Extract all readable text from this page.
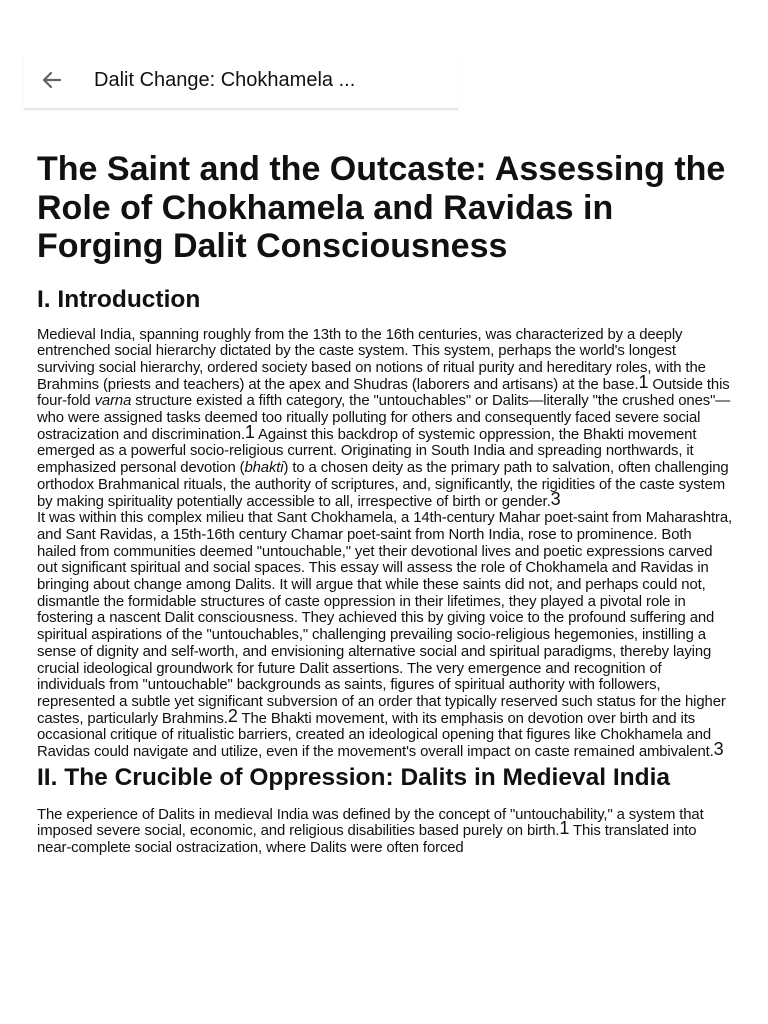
Dalit Change: Chokhamela ...
The Saint and the Outcaste: Assessing the Role of Chokhamela and Ravidas in Forging Dalit Consciousness
I. Introduction

Medieval India, spanning roughly from the 13th to the 16th centuries, was characterized by a deeply entrenched social hierarchy dictated by the caste system. This system, perhaps the world's longest surviving social hierarchy, ordered society based on notions of ritual purity and hereditary roles, with the Brahmins (priests and teachers) at the apex and Shudras (laborers and artisans) at the base.$^1$ Outside this four-fold varna structure existed a fifth category, the "untouchables" or Dalits—literally "the crushed ones"—who were assigned tasks deemed too ritually polluting for others and consequently faced severe social ostracization and discrimination.$^1$ Against this backdrop of systemic oppression, the Bhakti movement emerged as a powerful socio-religious current. Originating in South India and spreading northwards, it emphasized personal devotion (bhakti) to a chosen deity as the primary path to salvation, often challenging orthodox Brahmanical rituals, the authority of scriptures, and, significantly, the rigidities of the caste system by making spirituality potentially accessible to all, irrespective of birth or gender.$^3$

It was within this complex milieu that Sant Chokhamela, a 14th-century Mahar poet-saint from Maharashtra, and Sant Ravidas, a 15th-16th century Chamar poet-saint from North India, rose to prominence. Both hailed from communities deemed "untouchable," yet their devotional lives and poetic expressions carved out significant spiritual and social spaces. This essay will assess the role of Chokhamela and Ravidas in bringing about change among Dalits. It will argue that while these saints did not, and perhaps could not, dismantle the formidable structures of caste oppression in their lifetimes, they played a pivotal role in fostering a nascent Dalit consciousness. They achieved this by giving voice to the profound suffering and spiritual aspirations of the "untouchables," challenging prevailing socio-religious hegemonies, instilling a sense of dignity and self-worth, and envisioning alternative social and spiritual paradigms, thereby laying crucial ideological groundwork for future Dalit assertions. The very emergence and recognition of individuals from "untouchable" backgrounds as saints, figures of spiritual authority with followers, represented a subtle yet significant subversion of an order that typically reserved such status for the higher castes, particularly Brahmins.$^2$ The Bhakti movement, with its emphasis on devotion over birth and its occasional critique of ritualistic barriers, created an ideological opening that figures like Chokhamela and Ravidas could navigate and utilize, even if the movement's overall impact on caste remained ambivalent.$^3$

II. The Crucible of Oppression: Dalits in Medieval India

The experience of Dalits in medieval India was defined by the concept of "untouchability," a system that imposed severe social, economic, and religious disabilities based purely on birth.$^1$ This translated into near-complete social ostracization, where Dalits were often forced
